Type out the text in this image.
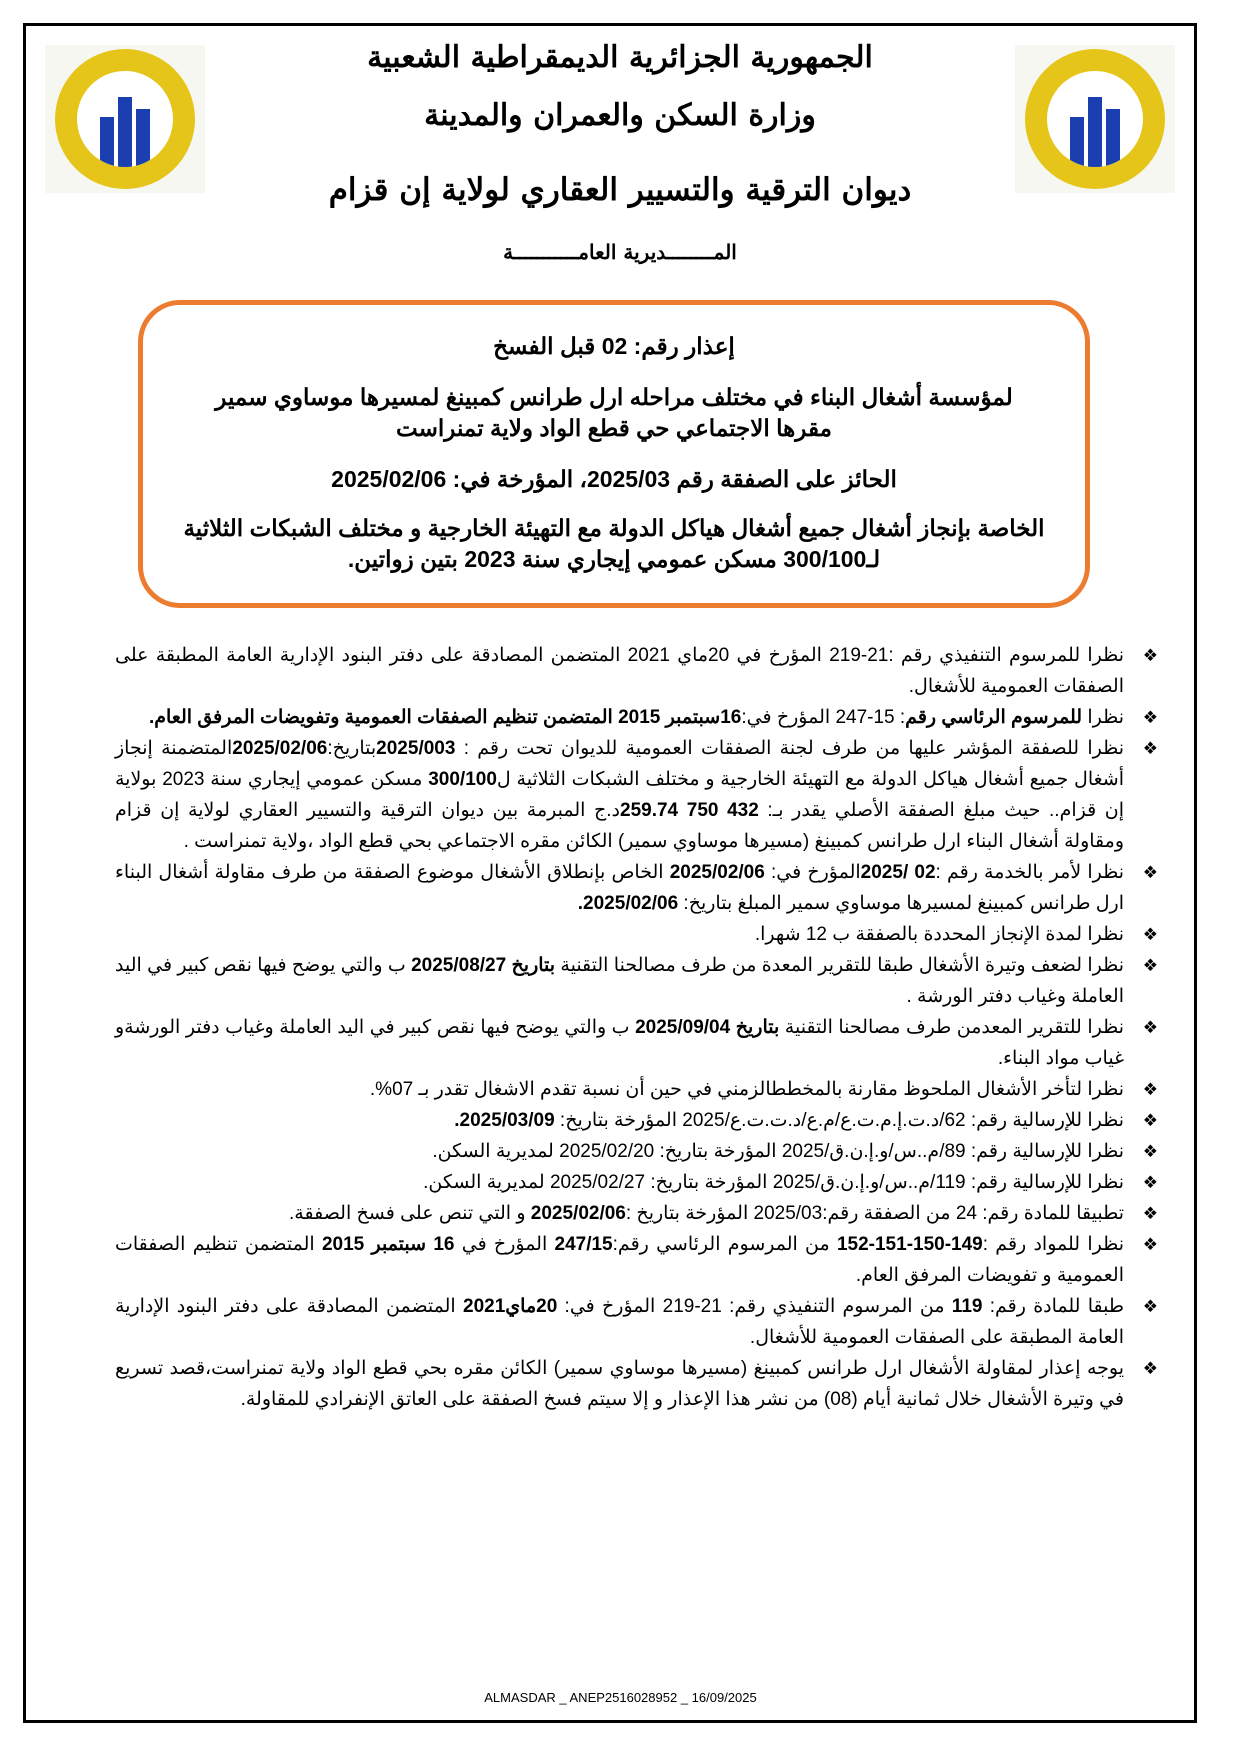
الجمهورية الجزائرية الديمقراطية الشعبية
وزارة السكن والعمران والمدينة
ديوان الترقية والتسيير العقاري لولاية إن قزام
المــــــــديرية العامـــــــــــة

إعذار رقم: 02 قبل الفسخ

لمؤسسة أشغال البناء في مختلف مراحله ارل طرانس كمبينغ لمسيرها موساوي سمير

مقرها الاجتماعي حي قطع الواد ولاية تمنراست

الحائز على الصفقة رقم 2025/03، المؤرخة في: 2025/02/06

الخاصة بإنجاز أشغال جميع أشغال هياكل الدولة مع التهيئة الخارجية و مختلف الشبكات الثلاثية

لـ300/100 مسكن عمومي إيجاري سنة 2023 بتين زواتين.

❖
نظرا للمرسوم التنفيذي رقم :21-219 المؤرخ في 20ماي 2021 المتضمن المصادقة على دفتر البنود الإدارية العامة المطبقة على الصفقات العمومية للأشغال.
❖
نظرا للمرسوم الرئاسي رقم: 15-247 المؤرخ في:16سبتمبر 2015 المتضمن تنظيم الصفقات العمومية وتفويضات المرفق العام.
❖
نظرا للصفقة المؤشر عليها من طرف لجنة الصفقات العمومية للديوان تحت رقم : 2025/003بتاريخ:2025/02/06المتضمنة إنجاز أشغال جميع أشغال هياكل الدولة مع التهيئة الخارجية و مختلف الشبكات الثلاثية ل300/100 مسكن عمومي إيجاري سنة 2023 بولاية إن قزام.. حيث مبلغ الصفقة الأصلي يقدر بـ: 432 750 259.74د.ج المبرمة بين ديوان الترقية والتسيير العقاري لولاية إن قزام ومقاولة أشغال البناء ارل طرانس كمبينغ (مسيرها موساوي سمير) الكائن مقره الاجتماعي بحي قطع الواد ،ولاية تمنراست .
❖
نظرا لأمر بالخدمة رقم :02 /2025المؤرخ في: 2025/02/06 الخاص بإنطلاق الأشغال موضوع الصفقة من طرف مقاولة أشغال البناء ارل طرانس كمبينغ لمسيرها موساوي سمير المبلغ بتاريخ: 2025/02/06.
❖
نظرا لمدة الإنجاز المحددة بالصفقة ب 12 شهرا.
❖
نظرا لضعف وتيرة الأشغال طبقا للتقرير المعدة من طرف مصالحنا التقنية بتاريخ 2025/08/27 ب والتي يوضح فيها نقص كبير في اليد العاملة وغياب دفتر الورشة .
❖
نظرا للتقرير المعدمن طرف مصالحنا التقنية بتاريخ 2025/09/04 ب والتي يوضح فيها نقص كبير في اليد العاملة وغياب دفتر الورشةو غياب مواد البناء.
❖
نظرا لتأخر الأشغال الملحوظ مقارنة بالمخططالزمني في حين أن نسبة تقدم الاشغال تقدر بـ 07%.
❖
نظرا للإرسالية رقم: 62/د.ت.إ.م.ت.ع/م.ع/د.ت.ت.ع/2025 المؤرخة بتاريخ: 2025/03/09.
❖
نظرا للإرسالية رقم: 89/م..س/و.إ.ن.ق/2025 المؤرخة بتاريخ: 2025/02/20 لمديرية السكن.
❖
نظرا للإرسالية رقم: 119/م..س/و.إ.ن.ق/2025 المؤرخة بتاريخ: 2025/02/27 لمديرية السكن.
❖
تطبيقا للمادة رقم: 24 من الصفقة رقم:2025/03 المؤرخة بتاريخ :2025/02/06 و التي تنص على فسخ الصفقة.
❖
نظرا للمواد رقم :149-150-151-152 من المرسوم الرئاسي رقم:247/15 المؤرخ في 16 سبتمبر 2015 المتضمن تنظيم الصفقات العمومية و تفويضات المرفق العام.
❖
طبقا للمادة رقم: 119 من المرسوم التنفيذي رقم: 21-219 المؤرخ في: 20ماي2021 المتضمن المصادقة على دفتر البنود الإدارية العامة المطبقة على الصفقات العمومية للأشغال.
❖
يوجه إعذار لمقاولة الأشغال ارل طرانس كمبينغ (مسيرها موساوي سمير) الكائن مقره بحي قطع الواد ولاية تمنراست،قصد تسريع في وتيرة الأشغال خلال ثمانية أيام (08) من نشر هذا الإعذار و إلا سيتم فسخ الصفقة على العاتق الإنفرادي للمقاولة.
ALMASDAR _ ANEP2516028952 _ 16/09/2025
